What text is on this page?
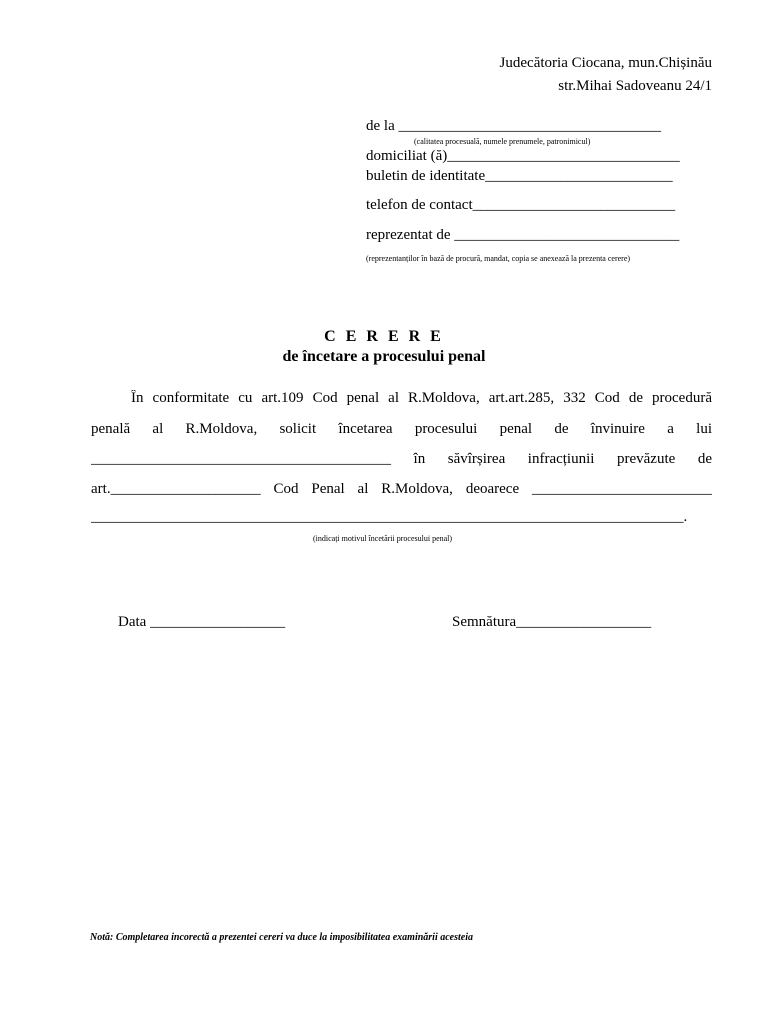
Judecătoria Ciocana, mun.Chișinău
str.Mihai Sadoveanu 24/1
de la ___________________________________
(calitatea procesuală, numele prenumele, patronimicul)
domiciliat (ă)_______________________________
buletin de identitate_________________________
telefon de contact___________________________
reprezentat de ______________________________
(reprezentanților în bază de procură, mandat, copia se anexează la prezenta cerere)
C E R E R E
de încetare a procesului penal
În conformitate cu art.109 Cod penal al R.Moldova, art.art.285, 332 Cod de procedură
penală al R.Moldova, solicit încetarea procesului penal de învinuire a lui
________________________________________ în săvîrșirea infracțiunii prevăzute de
art.____________________ Cod Penal al R.Moldova, deoarece ________________________
_______________________________________________________________________________.
(indicați motivul încetării procesului penal)
Data __________________	Semnătura__________________
Notă: Completarea incorectă a prezentei cereri va duce la imposibilitatea examinării acesteia
